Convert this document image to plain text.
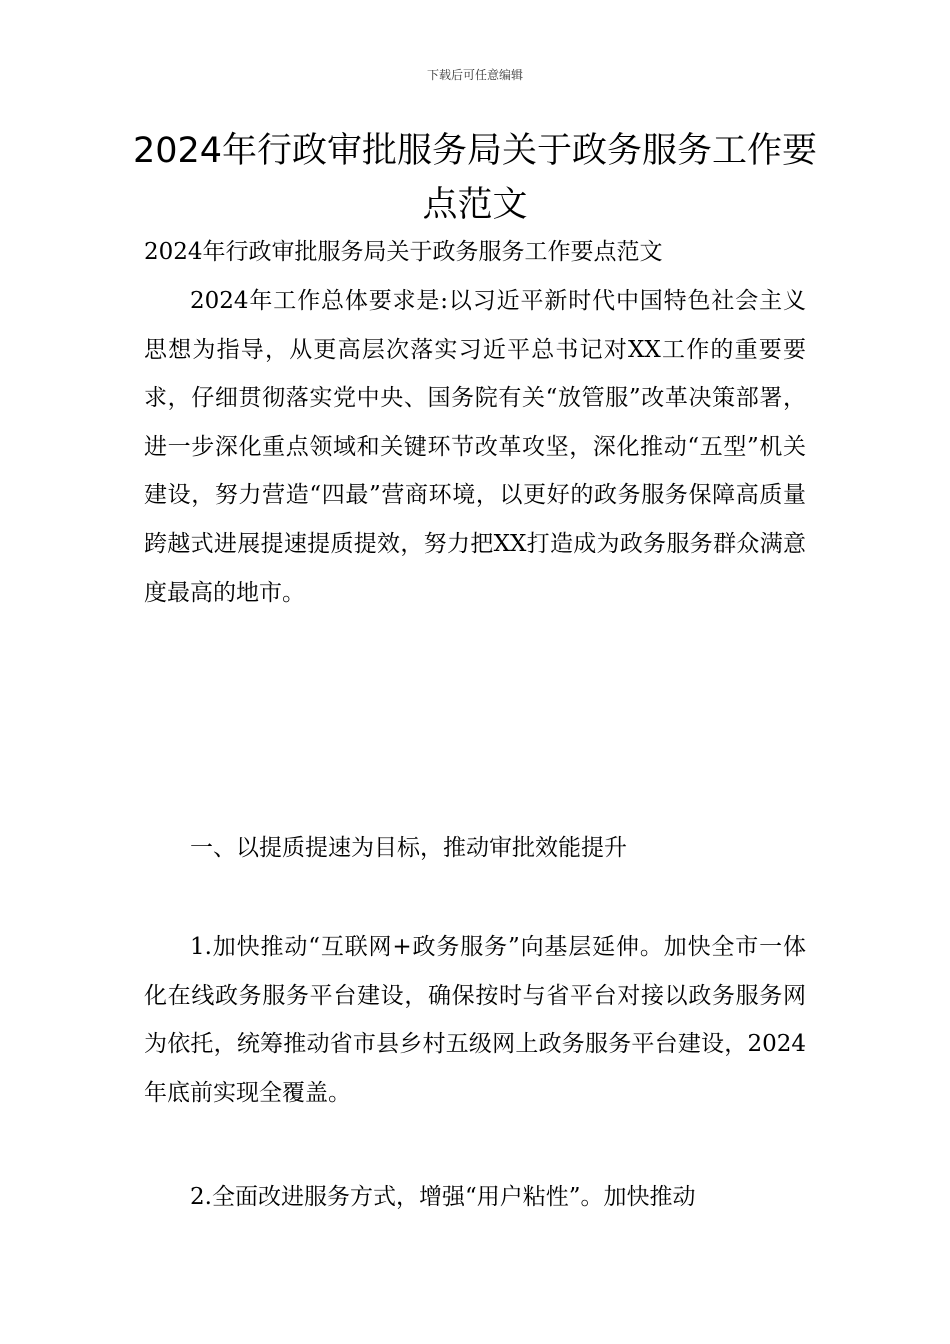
下载后可任意编辑
2024年行政审批服务局关于政务服务工作要点范文
2024年行政审批服务局关于政务服务工作要点范文

2024年工作总体要求是:以习近平新时代中国特色社会主义思想为指导，从更高层次落实习近平总书记对XX工作的重要要求，仔细贯彻落实党中央、国务院有关“放管服”改革决策部署，进一步深化重点领域和关键环节改革攻坚，深化推动“五型”机关建设，努力营造“四最”营商环境，以更好的政务服务保障高质量跨越式进展提速提质提效，努力把XX打造成为政务服务群众满意度最高的地市。

一、以提质提速为目标，推动审批效能提升

1.加快推动“互联网+政务服务”向基层延伸。加快全市一体化在线政务服务平台建设，确保按时与省平台对接以政务服务网为依托，统筹推动省市县乡村五级网上政务服务平台建设，2024年底前实现全覆盖。

2.全面改进服务方式，增强“用户粘性”。加快推动
